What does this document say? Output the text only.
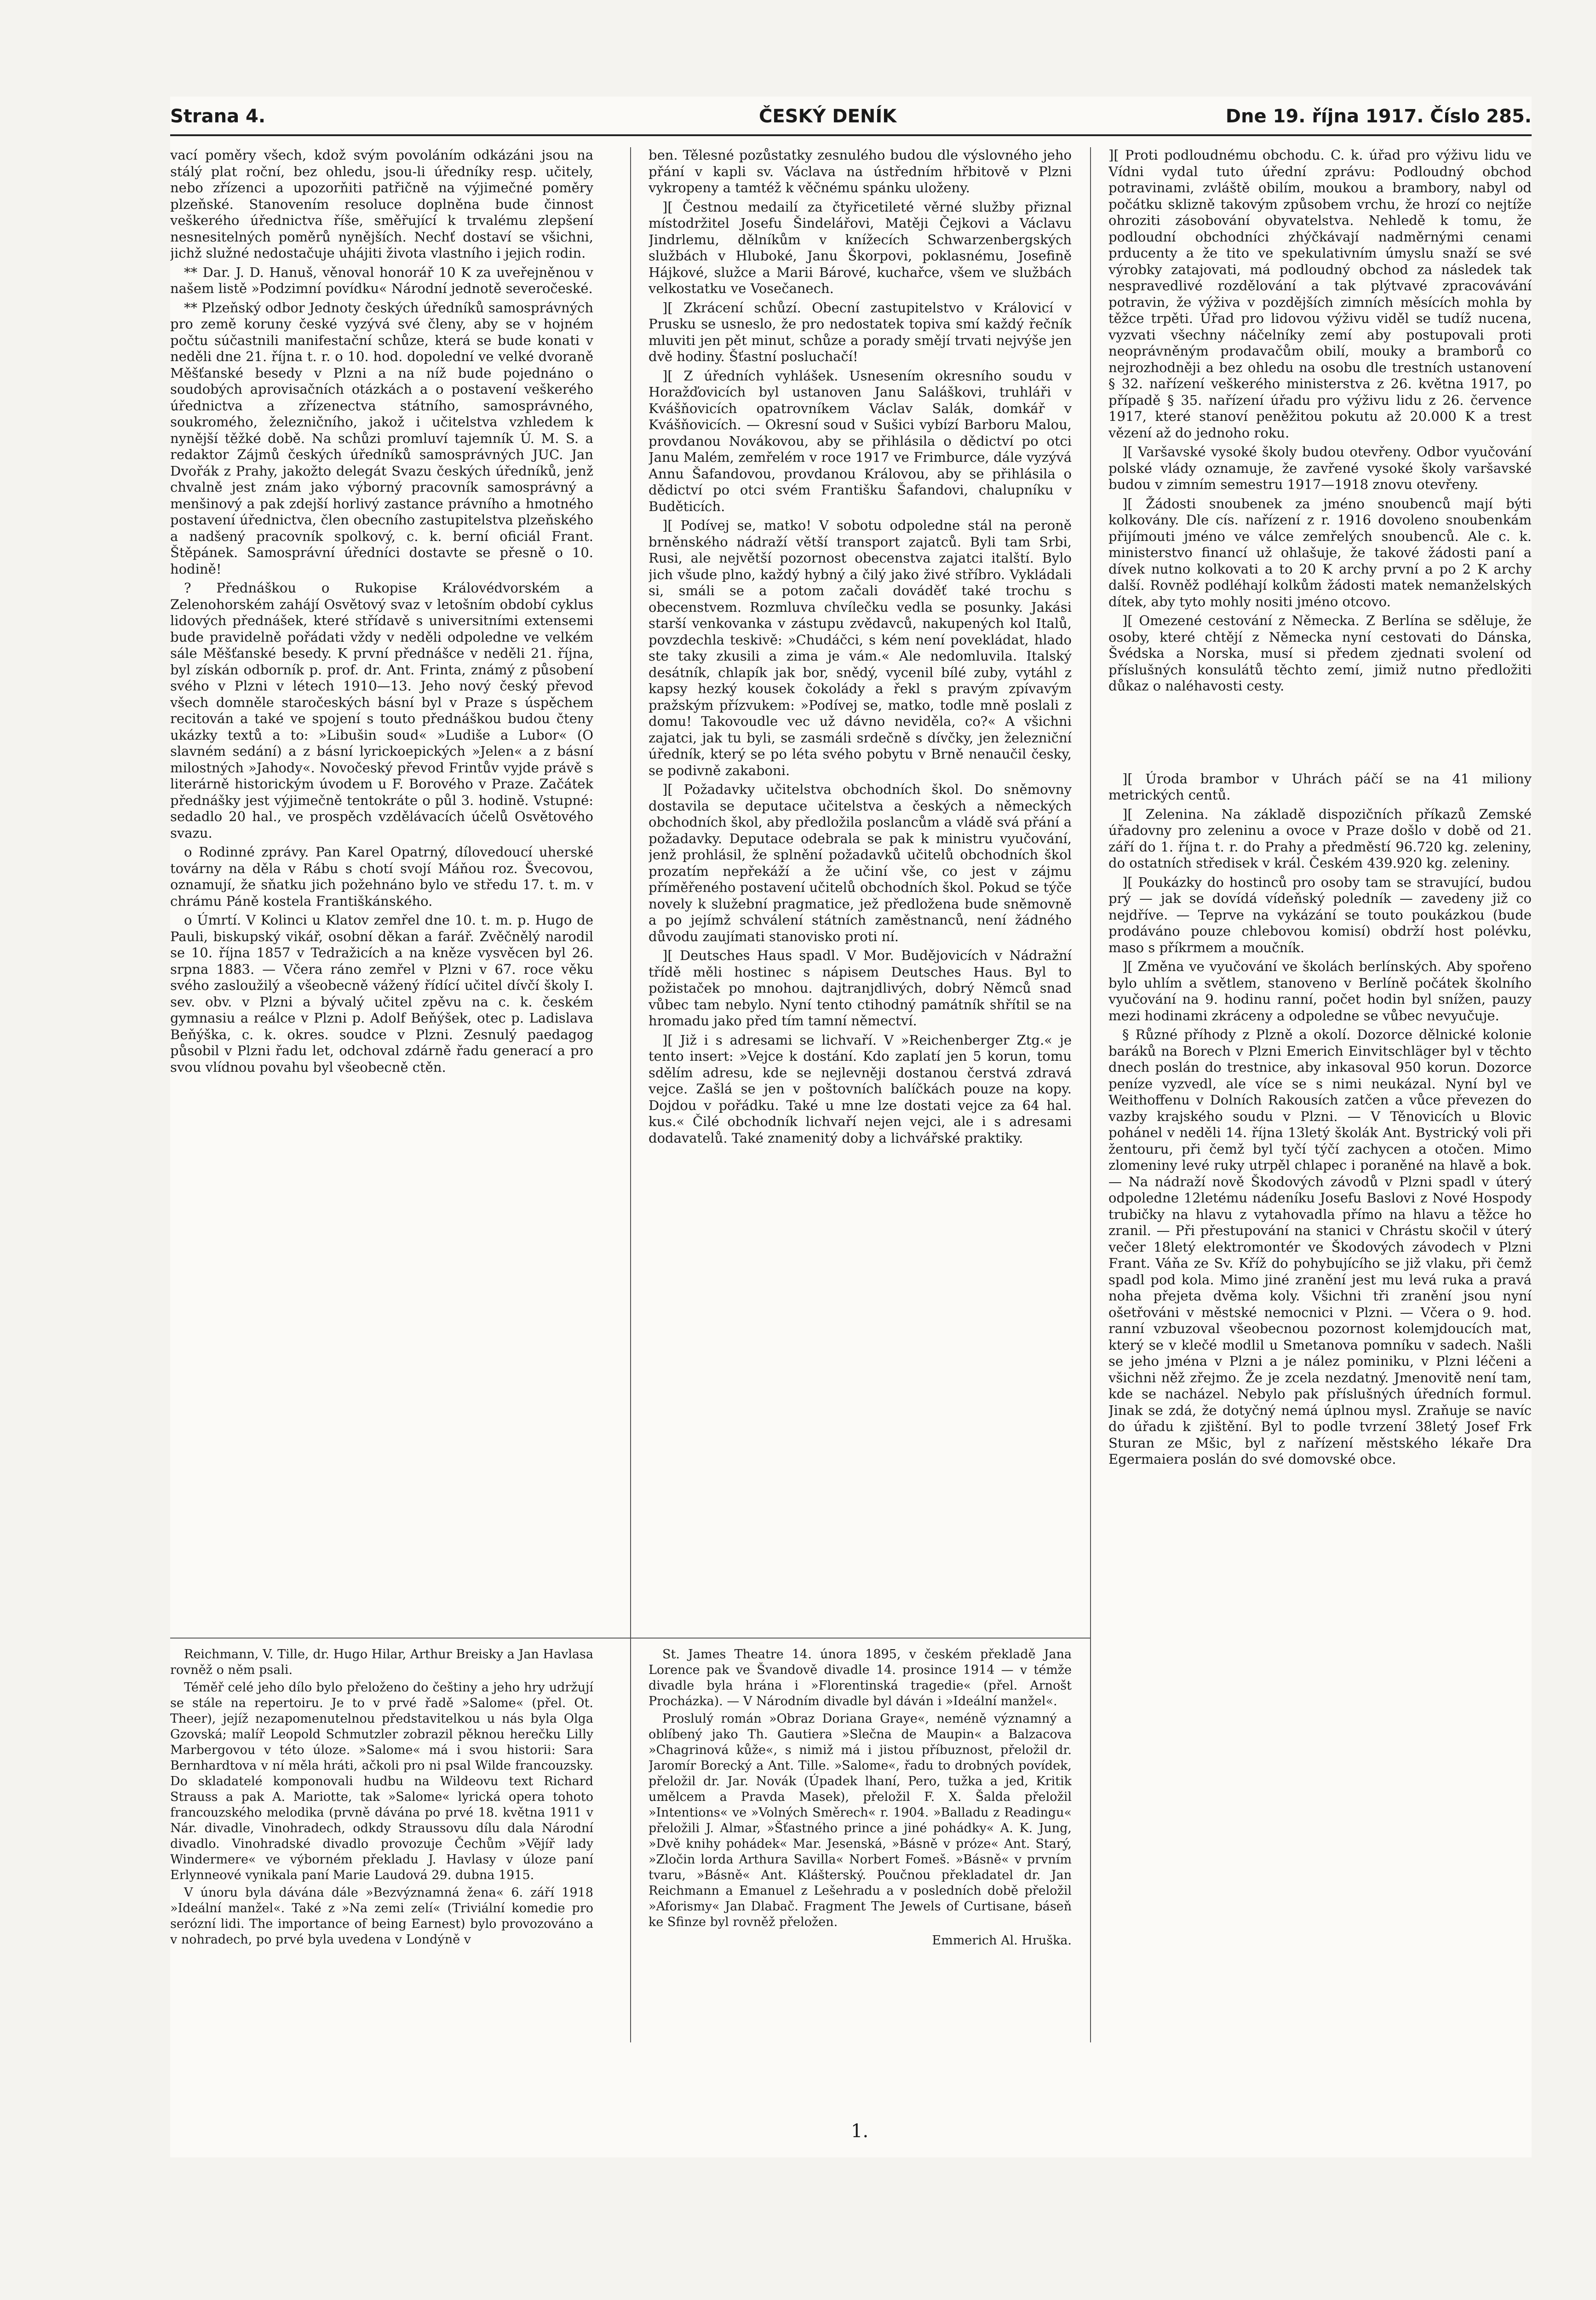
Strana 4.	ČESKÝ DENÍK	Dne 19. října 1917. Číslo 285.

vací poměry všech, kdož svým povoláním odkázáni jsou na stálý plat roční, bez ohledu, jsou-li úředníky resp. učitely, nebo zřízenci a upozorňiti patřičně na výjimečné poměry plzeňské. Stanovením resoluce doplněna bude činnost veškerého úřednictva říše, směřující k trvalému zlepšení nesnesitelných poměrů nynějších. Nechť dostaví se všichni, jichž služné nedostačuje uhájiti života vlastního i jejich rodin.

** Dar. J. D. Hanuš, věnoval honorář 10 K za uveřejněnou v našem listě »Podzimní povídku« Národní jednotě severočeské.

** Plzeňský odbor Jednoty českých úředníků samosprávných pro země koruny české vyzývá své členy, aby se v hojném počtu súčastnili manifestační schůze, která se bude konati v neděli dne 21. října t. r. o 10. hod. dopolední ve velké dvoraně Měšťanské besedy v Plzni a na níž bude pojednáno o soudobých aprovisačních otázkách a o postavení veškerého úřednictva a zřízenectva státního, samosprávného, soukromého, železničního, jakož i učitelstva vzhledem k nynější těžké době. Na schůzi promluví tajemník Ú. M. S. a redaktor Zájmů českých úředníků samosprávných JUC. Jan Dvořák z Prahy, jakožto delegát Svazu českých úředníků, jenž chvalně jest znám jako výborný pracovník samosprávný a menšinový a pak zdejší horlivý zastance právního a hmotného postavení úřednictva, člen obecního zastupitelstva plzeňského a nadšený pracovník spolkový, c. k. berní oficiál Frant. Štěpánek. Samosprávní úředníci dostavte se přesně o 10. hodině!

? Přednáškou o Rukopise Královédvorském a Zelenohorském zahájí Osvětový svaz v letošním období cyklus lidových přednášek, které střídavě s universitními extensemi bude pravidelně pořádati vždy v neděli odpoledne ve velkém sále Měšťanské besedy. K první přednášce v neděli 21. října, byl získán odborník p. prof. dr. Ant. Frinta, známý z působení svého v Plzni v létech 1910—13. Jeho nový český převod všech domněle staročeských básní byl v Praze s úspěchem recitován a také ve spojení s touto přednáškou budou čteny ukázky textů a to: »Libušin soud« »Ludiše a Lubor« (O slavném sedání) a z básní lyrickoepických »Jelen« a z básní milostných »Jahody«. Novočeský převod Frintův vyjde právě s literárně historickým úvodem u F. Borového v Praze. Začátek přednášky jest výjimečně tentokráte o půl 3. hodině. Vstupné: sedadlo 20 hal., ve prospěch vzdělávacích účelů Osvětového svazu.

o Rodinné zprávy. Pan Karel Opatrný, dílovedoucí uherské továrny na děla v Rábu s chotí svojí Máňou roz. Švecovou, oznamují, že sňatku jich požehnáno bylo ve středu 17. t. m. v chrámu Páně kostela Františkánského.

o Úmrtí. V Kolinci u Klatov zemřel dne 10. t. m. p. Hugo de Pauli, biskupský vikář, osobní děkan a farář. Zvěčnělý narodil se 10. října 1857 v Tedražicích a na kněze vysvěcen byl 26. srpna 1883. — Včera ráno zemřel v Plzni v 67. roce věku svého zasloužilý a všeobecně vážený řídící učitel dívčí školy I. sev. obv. v Plzni a bývalý učitel zpěvu na c. k. českém gymnasiu a reálce v Plzni p. Adolf Beňýšek, otec p. Ladislava Beňýška, c. k. okres. soudce v Plzni. Zesnulý paedagog působil v Plzni řadu let, odchoval zdárně řadu generací a pro svou vlídnou povahu byl všeobecně ctěn.

ben. Tělesné pozůstatky zesnulého budou dle výslovného jeho přání v kapli sv. Václava na ústředním hřbitově v Plzni vykropeny a tamtéž k věčnému spánku uloženy.

][ Čestnou medailí za čtyřicetileté věrné služby přiznal místodržitel Josefu Šindelářovi, Matěji Čejkovi a Václavu Jindrlemu, dělníkům v knížecích Schwarzenbergských službách v Hluboké, Janu Škorpovi, poklasnému, Josefině Hájkové, služce a Marii Bárové, kuchařce, všem ve službách velkostatku ve Vosečanech.

][ Zkrácení schůzí. Obecní zastupitelstvo v Královicí v Prusku se usneslo, že pro nedostatek topiva smí každý řečník mluviti jen pět minut, schůze a porady smějí trvati nejvýše jen dvě hodiny. Šťastní posluchačí!

][ Z úředních vyhlášek. Usnesením okresního soudu v Horažďovicích byl ustanoven Janu Saláškovi, truhláři v Kvášňovicích opatrovníkem Václav Salák, domkář v Kvášňovicích. — Okresní soud v Sušici vybízí Barboru Malou, provdanou Novákovou, aby se přihlásila o dědictví po otci Janu Malém, zemřelém v roce 1917 ve Frimburce, dále vyzývá Annu Šafandovou, provdanou Královou, aby se přihlásila o dědictví po otci svém Františku Šafandovi, chalupníku v Buděticích.

][ Podívej se, matko! V sobotu odpoledne stál na peroně brněnského nádraží větší transport zajatců. Byli tam Srbi, Rusi, ale největší pozornost obecenstva zajatci italští. Bylo jich všude plno, každý hybný a čilý jako živé stříbro. Vykládali si, smáli se a potom začali dováděť také trochu s obecenstvem. Rozmluva chvílečku vedla se posunky. Jakási starší venkovanka v zástupu zvědavců, nakupených kol Italů, povzdechla teskivě: »Chudáčci, s kém není povekládat, hlado ste taky zkusili a zima je vám.« Ale nedomluvila. Italský desátník, chlapík jak bor, snědý, vycenil bílé zuby, vytáhl z kapsy hezký kousek čokolády a řekl s pravým zpívavým pražským přízvukem: »Podívej se, matko, todle mně poslali z domu! Takovoudle vec už dávno neviděla, co?« A všichni zajatci, jak tu byli, se zasmáli srdečně s dívčky, jen železniční úředník, který se po léta svého pobytu v Brně nenaučil česky, se podivně zakaboni.

][ Požadavky učitelstva obchodních škol. Do sněmovny dostavila se deputace učitelstva a českých a německých obchodních škol, aby předložila poslancům a vládě svá přání a požadavky. Deputace odebrala se pak k ministru vyučování, jenž prohlásil, že splnění požadavků učitelů obchodních škol prozatím nepřekáží a že učiní vše, co jest v zájmu příměřeného postavení učitelů obchodních škol. Pokud se týče novely k služební pragmatice, jež předložena bude sněmovně a po jejímž schválení státních zaměstnanců, není žádného důvodu zaujímati stanovisko proti ní.

][ Deutsches Haus spadl. V Mor. Budějovicích v Nádražní třídě měli hostinec s nápisem Deutsches Haus. Byl to požistaček po mnohou. dajtranjdlivých, dobrý Němců snad vůbec tam nebylo. Nyní tento ctihodný památník shřítil se na hromadu jako před tím tamní němectví.

][ Již i s adresami se lichvaří. V »Reichenberger Ztg.« je tento insert: »Vejce k dostání. Kdo zaplatí jen 5 korun, tomu sdělím adresu, kde se nejlevněji dostanou čerstvá zdravá vejce. Zašlá se jen v poštovních balíčkách pouze na kopy. Dojdou v pořádku. Také u mne lze dostati vejce za 64 hal. kus.« Čilé obchodník lichvaří nejen vejci, ale i s adresami dodavatelů. Také znamenitý doby a lichvářské praktiky.

][ Proti podloudnému obchodu. C. k. úřad pro výživu lidu ve Vídni vydal tuto úřední zprávu: Podloudný obchod potravinami, zvláště obilím, moukou a brambory, nabyl od počátku sklizně takovým způsobem vrchu, že hrozí co nejtíže ohroziti zásobování obyvatelstva. Nehledě k tomu, že podloudní obchodníci zhýčkávají nadměrnými cenami prducenty a že tito ve spekulativním úmyslu snaží se své výrobky zatajovati, má podloudný obchod za následek tak nespravedlivé rozdělování a tak plýtvavé zpracovávání potravin, že výživa v pozdějších zimních měsících mohla by těžce trpěti. Úřad pro lidovou výživu viděl se tudíž nucena, vyzvati všechny náčelníky zemí aby postupovali proti neoprávněným prodavačům obilí, mouky a bramborů co nejrozhodněji a bez ohledu na osobu dle trestních ustanovení § 32. nařízení veškerého ministerstva z 26. května 1917, po případě § 35. nařízení úřadu pro výživu lidu z 26. července 1917, které stanoví peněžitou pokutu až 20.000 K a trest vězení až do jednoho roku.

][ Varšavské vysoké školy budou otevřeny. Odbor vyučování polské vlády oznamuje, že zavřené vysoké školy varšavské budou v zimním semestru 1917—1918 znovu otevřeny.

][ Žádosti snoubenek za jméno snoubenců mají býti kolkovány. Dle cís. nařízení z r. 1916 dovoleno snoubenkám přijímouti jméno ve válce zemřelých snoubenců. Ale c. k. ministerstvo financí už ohlašuje, že takové žádosti paní a dívek nutno kolkovati a to 20 K archy první a po 2 K archy další. Rovněž podléhají kolkům žádosti matek nemanželských dítek, aby tyto mohly nositi jméno otcovo.

][ Omezené cestování z Německa. Z Berlína se sděluje, že osoby, které chtějí z Německa nyní cestovati do Dánska, Švédska a Norska, musí si předem zjednati svolení od příslušných konsulátů těchto zemí, jimiž nutno předložiti důkaz o naléhavosti cesty.

][ Úroda brambor v Uhrách páčí se na 41 miliony metrických centů.

][ Zelenina. Na základě dispozičních příkazů Zemské úřadovny pro zeleninu a ovoce v Praze došlo v době od 21. září do 1. října t. r. do Prahy a předměstí 96.720 kg. zeleniny, do ostatních středisek v král. Českém 439.920 kg. zeleniny.

][ Poukázky do hostinců pro osoby tam se stravující, budou prý — jak se dovídá vídeňský poledník — zavedeny již co nejdříve. — Teprve na vykázání se touto poukázkou (bude prodáváno pouze chlebovou komisí) obdrží host polévku, maso s příkrmem a moučník.

][ Změna ve vyučování ve školách berlínských. Aby spořeno bylo uhlím a světlem, stanoveno v Berlíně počátek školního vyučování na 9. hodinu ranní, počet hodin byl snížen, pauzy mezi hodinami zkráceny a odpoledne se vůbec nevyučuje.

§ Různé příhody z Plzně a okolí. Dozorce dělnické kolonie baráků na Borech v Plzni Emerich Einvitschläger byl v těchto dnech poslán do trestnice, aby inkasoval 950 korun. Dozorce peníze vyzvedl, ale více se s nimi neukázal. Nyní byl ve Weithoffenu v Dolních Rakousích zatčen a vůce převezen do vazby krajského soudu v Plzni. — V Těnovicích u Blovic pohánel v neděli 14. října 13letý školák Ant. Bystrický voli při žentouru, při čemž byl tyčí týčí zachycen a otočen. Mimo zlomeniny levé ruky utrpěl chlapec i poraněné na hlavě a bok. — Na nádraží nově Škodových závodů v Plzni spadl v úterý odpoledne 12letému nádeníku Josefu Baslovi z Nové Hospody trubičky na hlavu z vytahovadla přímo na hlavu a těžce ho zranil. — Při přestupování na stanici v Chrástu skočil v úterý večer 18letý elektromontér ve Škodových závodech v Plzni Frant. Váňa ze Sv. Kříž do pohybujícího se již vlaku, při čemž spadl pod kola. Mimo jiné zranění jest mu levá ruka a pravá noha přejeta dvěma koly. Všichni tři zranění jsou nyní ošetřováni v městské nemocnici v Plzni. — Včera o 9. hod. ranní vzbuzoval všeobecnou pozornost kolemjdoucích mat, který se v klečé modlil u Smetanova pomníku v sadech. Našli se jeho jména v Plzni a je nález pominiku, v Plzni léčeni a všichni něž zřejmo. Že je zcela nezdatný. Jmenovitě není tam, kde se nacházel. Nebylo pak příslušných úředních formul. Jinak se zdá, že dotyčný nemá úplnou mysl. Zraňuje se navíc do úřadu k zjištění. Byl to podle tvrzení 38letý Josef Frk Sturan ze Mšic, byl z nařízení městského lékaře Dra Egermaiera poslán do své domovské obce.

Reichmann, V. Tille, dr. Hugo Hilar, Arthur Breisky a Jan Havlasa rovněž o něm psali.

Téměř celé jeho dílo bylo přeloženo do češtiny a jeho hry udržují se stále na repertoiru. Je to v prvé řadě »Salome« (přel. Ot. Theer), jejíž nezapomenutelnou představitelkou u nás byla Olga Gzovská; malíř Leopold Schmutzler zobrazil pěknou herečku Lilly Marbergovou v této úloze. »Salome« má i svou historii: Sara Bernhardtova v ní měla hráti, ačkoli pro ni psal Wilde francouzsky. Do skladatelé komponovali hudbu na Wildeovu text Richard Strauss a pak A. Mariotte, tak »Salome« lyrická opera tohoto francouzského melodika (prvně dávána po prvé 18. května 1911 v Nár. divadle, Vinohradech, odkdy Straussovu dílu dala Národní divadlo. Vinohradské divadlo provozuje Čechům »Vějíř lady Windermere« ve výborném překladu J. Havlasy v úloze paní Erlynneové vynikala paní Marie Laudová 29. dubna 1915.

V únoru byla dávána dále »Bezvýznamná žena« 6. září 1918 »Ideální manžel«. Také z »Na zemi zelí« (Triviální komedie pro serózní lidi. The importance of being Earnest) bylo provozováno a v nohradech, po prvé byla uvedena v Londýně v

St. James Theatre 14. února 1895, v českém překladě Jana Lorence pak ve Švandově divadle 14. prosince 1914 — v témže divadle byla hrána i »Florentinská tragedie« (přel. Arnošt Procházka). — V Národním divadle byl dáván i »Ideální manžel«.

Proslulý román »Obraz Doriana Graye«, neméně významný a oblíbený jako Th. Gautiera »Slečna de Maupin« a Balzacova »Chagrinová kůže«, s nimiž má i jistou příbuznost, přeložil dr. Jaromír Borecký a Ant. Tille. »Salome«, řadu to drobných povídek, přeložil dr. Jar. Novák (Úpadek lhaní, Pero, tužka a jed, Kritik umělcem a Pravda Masek), přeložil F. X. Šalda přeložil »Intentions« ve »Volných Směrech« r. 1904. »Balladu z Readingu« přeložili J. Almar, »Šťastného prince a jiné pohádky« A. K. Jung, »Dvě knihy pohádek« Mar. Jesenská, »Básně v próze« Ant. Starý, »Zločin lorda Arthura Savilla« Norbert Fomeš. »Básně« v prvním tvaru, »Básně« Ant. Klášterský. Poučnou překladatel dr. Jan Reichmann a Emanuel z Lešehradu a v posledních době přeložil »Aforismy« Jan Dlabač. Fragment The Jewels of Curtisane, báseň ke Sfinze byl rovněž přeložen.

Emmerich Al. Hruška.
1.
